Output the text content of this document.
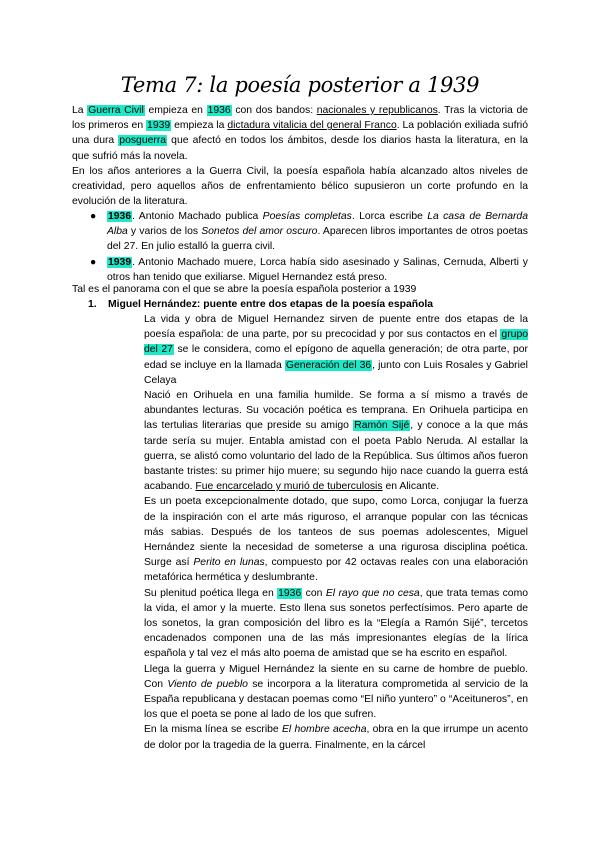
Tema 7: la poesía posterior a 1939
La Guerra Civil empieza en 1936 con dos bandos: nacionales y republicanos. Tras la victoria de los primeros en 1939 empieza la dictadura vitalicia del general Franco. La población exiliada sufrió una dura posguerra que afectó en todos los ámbitos, desde los diarios hasta la literatura, en la que sufrió más la novela.
En los años anteriores a la Guerra Civil, la poesía española había alcanzado altos niveles de creatividad, pero aquellos años de enfrentamiento bélico supusieron un corte profundo en la evolución de la literatura.
● 1936. Antonio Machado publica Poesías completas. Lorca escribe La casa de Bernarda Alba y varios de los Sonetos del amor oscuro. Aparecen libros importantes de otros poetas del 27. En julio estalló la guerra civil.
● 1939. Antonio Machado muere, Lorca había sido asesinado y Salinas, Cernuda, Alberti y otros han tenido que exiliarse. Miguel Hernandez está preso.
Tal es el panorama con el que se abre la poesía española posterior a 1939
1. Miguel Hernández: puente entre dos etapas de la poesía española

La vida y obra de Miguel Hernandez sirven de puente entre dos etapas de la poesía española: de una parte, por su precocidad y por sus contactos en el grupo del 27 se le considera, como el epígono de aquella generación; de otra parte, por edad se incluye en la llamada Generación del 36, junto con Luis Rosales y Gabriel Celaya

Nació en Orihuela en una familia humilde. Se forma a sí mismo a través de abundantes lecturas. Su vocación poética es temprana. En Orihuela participa en las tertulias literarias que preside su amigo Ramón Sijé, y conoce a la que más tarde sería su mujer. Entabla amistad con el poeta Pablo Neruda. Al estallar la guerra, se alistó como voluntario del lado de la República. Sus últimos años fueron bastante tristes: su primer hijo muere; su segundo hijo nace cuando la guerra está acabando. Fue encarcelado y murió de tuberculosis en Alicante.

Es un poeta excepcionalmente dotado, que supo, como Lorca, conjugar la fuerza de la inspiración con el arte más riguroso, el arranque popular con las técnicas más sabias. Después de los tanteos de sus poemas adolescentes, Miguel Hernández siente la necesidad de someterse a una rigurosa disciplina poética. Surge así Perito en lunas, compuesto por 42 octavas reales con una elaboración metafórica hermética y deslumbrante.

Su plenitud poética llega en 1936 con El rayo que no cesa, que trata temas como la vida, el amor y la muerte. Esto llena sus sonetos perfectísimos. Pero aparte de los sonetos, la gran composición del libro es la “Elegía a Ramón Sijé”, tercetos encadenados componen una de las más impresionantes elegías de la lírica española y tal vez el más alto poema de amistad que se ha escrito en español.

Llega la guerra y Miguel Hernández la siente en su carne de hombre de pueblo. Con Viento de pueblo se incorpora a la literatura comprometida al servicio de la España republicana y destacan poemas como “El niño yuntero” o “Aceituneros”, en los que el poeta se pone al lado de los que sufren.

En la misma línea se escribe El hombre acecha, obra en la que irrumpe un acento de dolor por la tragedia de la guerra. Finalmente, en la cárcel
